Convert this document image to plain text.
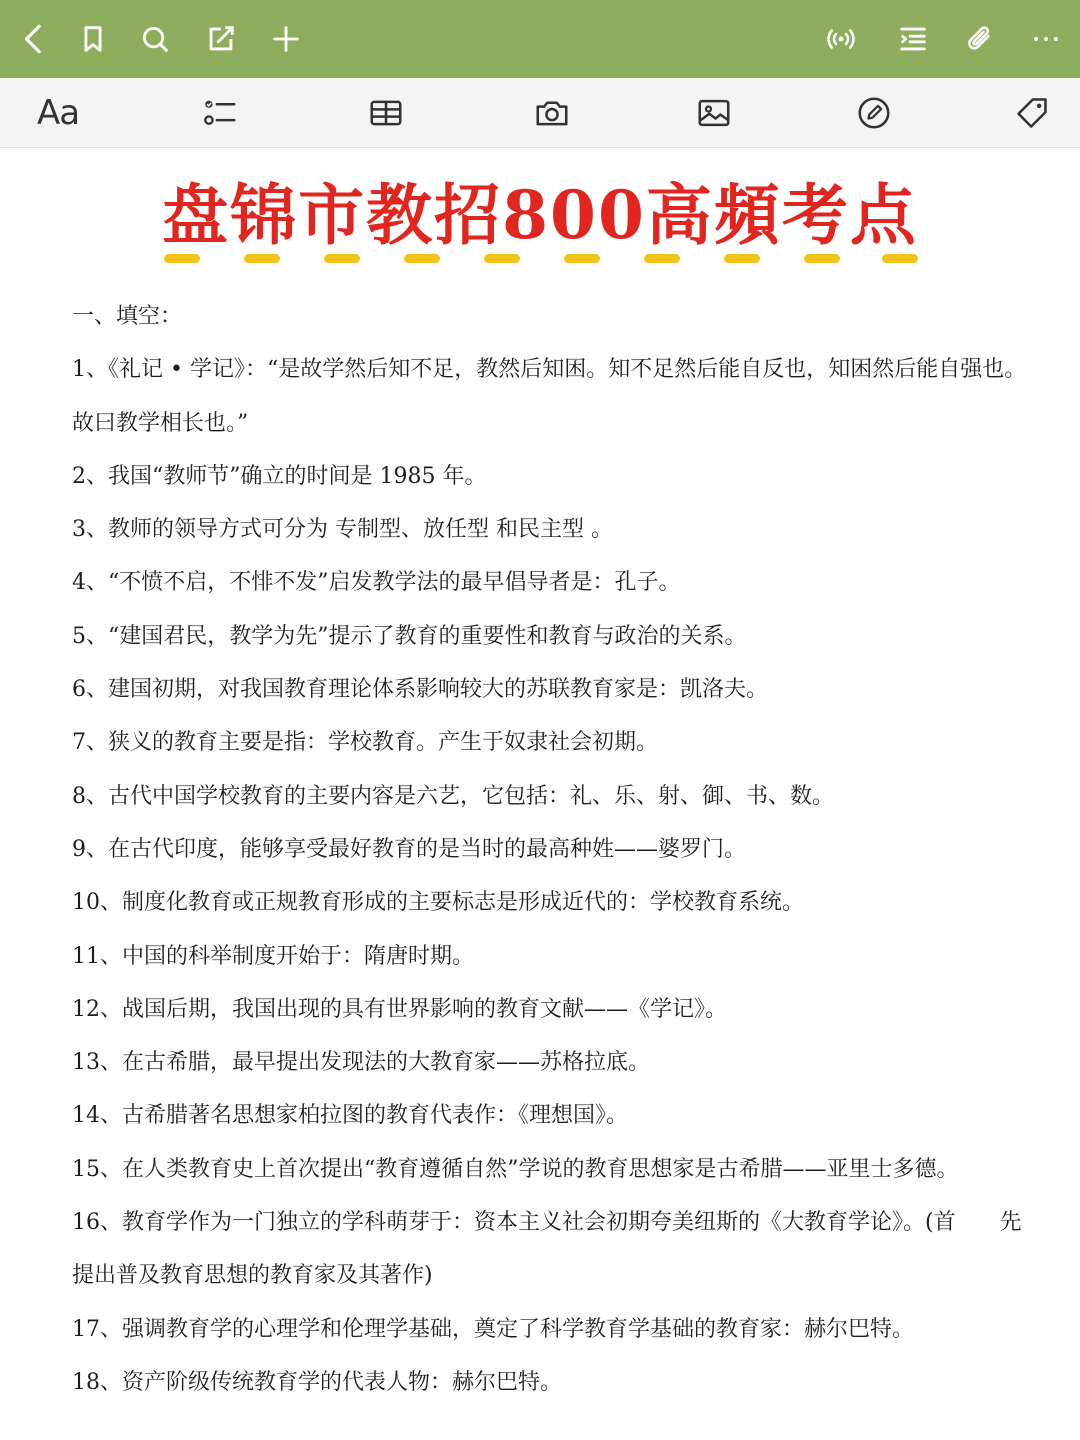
Aa
盘锦市教招800高頻考点
一、填空：
1、《礼记 • 学记》：“是故学然后知不足，教然后知困。知不足然后能自反也，知困然后能自强也。
故曰教学相长也。”
2、我国“教师节”确立的时间是 1985 年。
3、教师的领导方式可分为 专制型、放任型 和民主型 。
4、“不愤不启，不悱不发”启发教学法的最早倡导者是：孔子。
5、“建国君民，教学为先”提示了教育的重要性和教育与政治的关系。
6、建国初期，对我国教育理论体系影响较大的苏联教育家是：凯洛夫。
7、狭义的教育主要是指：学校教育。产生于奴隶社会初期。
8、古代中国学校教育的主要内容是六艺，它包括：礼、乐、射、御、书、数。
9、在古代印度，能够享受最好教育的是当时的最高种姓——婆罗门。
10、制度化教育或正规教育形成的主要标志是形成近代的：学校教育系统。
11、中国的科举制度开始于：隋唐时期。
12、战国后期，我国出现的具有世界影响的教育文献——《学记》。
13、在古希腊，最早提出发现法的大教育家——苏格拉底。
14、古希腊著名思想家柏拉图的教育代表作：《理想国》。
15、在人类教育史上首次提出“教育遵循自然”学说的教育思想家是古希腊——亚里士多德。
16、教育学作为一门独立的学科萌芽于：资本主义社会初期夸美纽斯的《大教育学论》。(首　　先
提出普及教育思想的教育家及其著作)
17、强调教育学的心理学和伦理学基础，奠定了科学教育学基础的教育家：赫尔巴特。
18、资产阶级传统教育学的代表人物：赫尔巴特。
